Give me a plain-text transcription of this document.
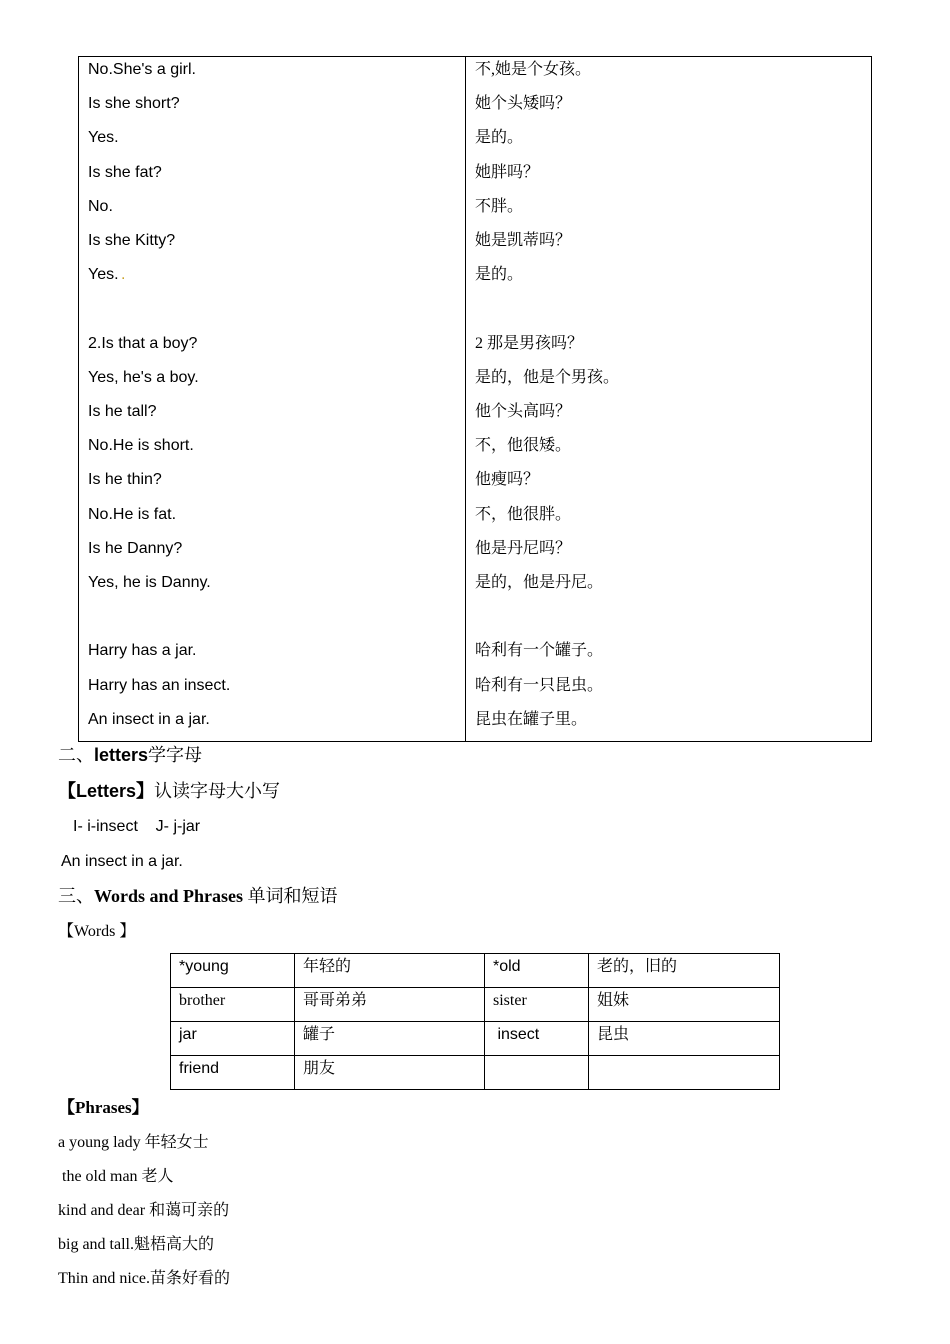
No.She's a girl.	不,她是个女孩。
Is she short?	她个头矮吗？
Yes.	是的。
Is she fat?	她胖吗？
No.	不胖。
Is she Kitty?	她是凯蒂吗？
Yes. .	是的。
2.Is that a boy?	2 那是男孩吗？
Yes, he's a boy.	是的，他是个男孩。
Is he tall?	他个头高吗？
No.He is short.	不，他很矮。
Is he thin?	他瘦吗？
No.He is fat.	不，他很胖。
Is he Danny?	他是丹尼吗？
Yes, he is Danny.	是的，他是丹尼。
Harry has a jar.	哈利有一个罐子。
Harry has an insect.	哈利有一只昆虫。
An insect in a jar.	昆虫在罐子里。
二、letters学字母
【Letters】认读字母大小写
I- i-insect    J- j-jar
An insect in a jar.
三、Words and Phrases 单词和短语
【Words 】
*young	年轻的	*old	老的，旧的
brother	哥哥弟弟	sister	姐妹
jar	罐子	insect	昆虫
friend	朋友		
【Phrases】
a young lady 年轻女士
the old man 老人
kind and dear 和蔼可亲的
big and tall.魁梧高大的
Thin and nice.苗条好看的
